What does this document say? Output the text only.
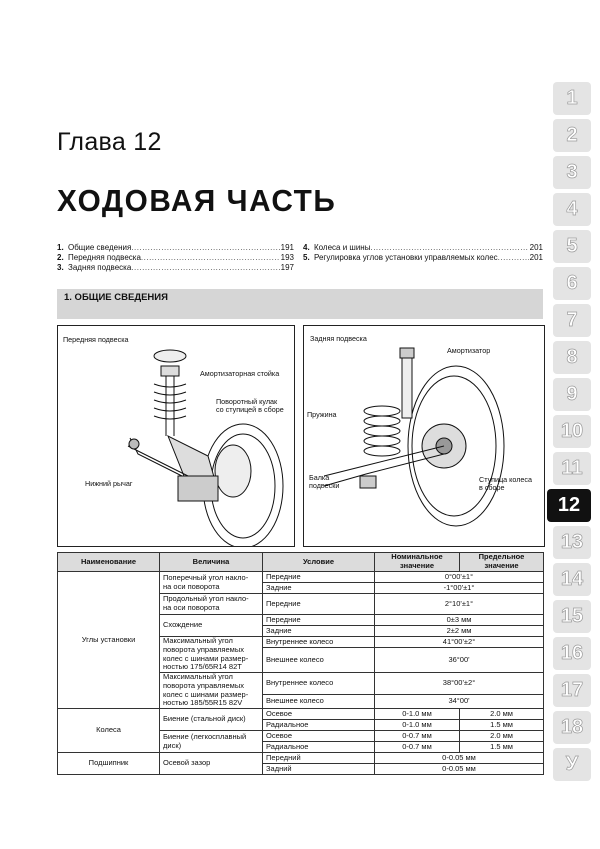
Глава 12
ХОДОВАЯ ЧАСТЬ
1. Общие сведения .....	191
2. Передняя подвеска .....	193
3. Задняя подвеска .....	197
4. Колеса и шины .....	201
5. Регулировка углов установки управляемых колес .....	201
1. ОБЩИЕ СВЕДЕНИЯ
Передняя подвеска
Амортизаторная стойка
Поворотный кулак
со ступицей в сборе
Нижний рычаг
Задняя подвеска
Амортизатор
Пружина
Балка
подвески
Ступица колеса
в сборе
Наименование	Величина	Условие	Номинальное
значение	Предельное
значение
Углы установки	Поперечный угол накло-
на оси поворота	Передние	0°00'±1°	
		Задние	-1°00'±1°	
	Продольный угол накло-
на оси поворота	Передние	2°10'±1°	
	Схождение	Передние	0±3 мм	
		Задние	2±2 мм	
	Максимальный угол
поворота управляемых
колес с шинами размер-
ностью 175/65R14 82T	Внутреннее колесо	41°00'±2°	
		Внешнее колесо	36°00'	
	Максимальный угол
поворота управляемых
колес с шинами размер-
ностью 185/55R15 82V	Внутреннее колесо	38°00'±2°	
		Внешнее колесо	34°00'	

Колеса	Биение (стальной диск)	Осевое	0-1.0 мм	2.0 мм
		Радиальное	0-1.0 мм	1.5 мм
	Биение (легкосплавный
диск)	Осевое	0-0.7 мм	2.0 мм
		Радиальное	0-0.7 мм	1.5 мм
Подшипник	Осевой зазор	Передний	0-0.05 мм	
		Задний	0-0.05 мм	
1
2
3
4
5
6
7
8
9
10
11
12
13
14
15
16
17
18
У
